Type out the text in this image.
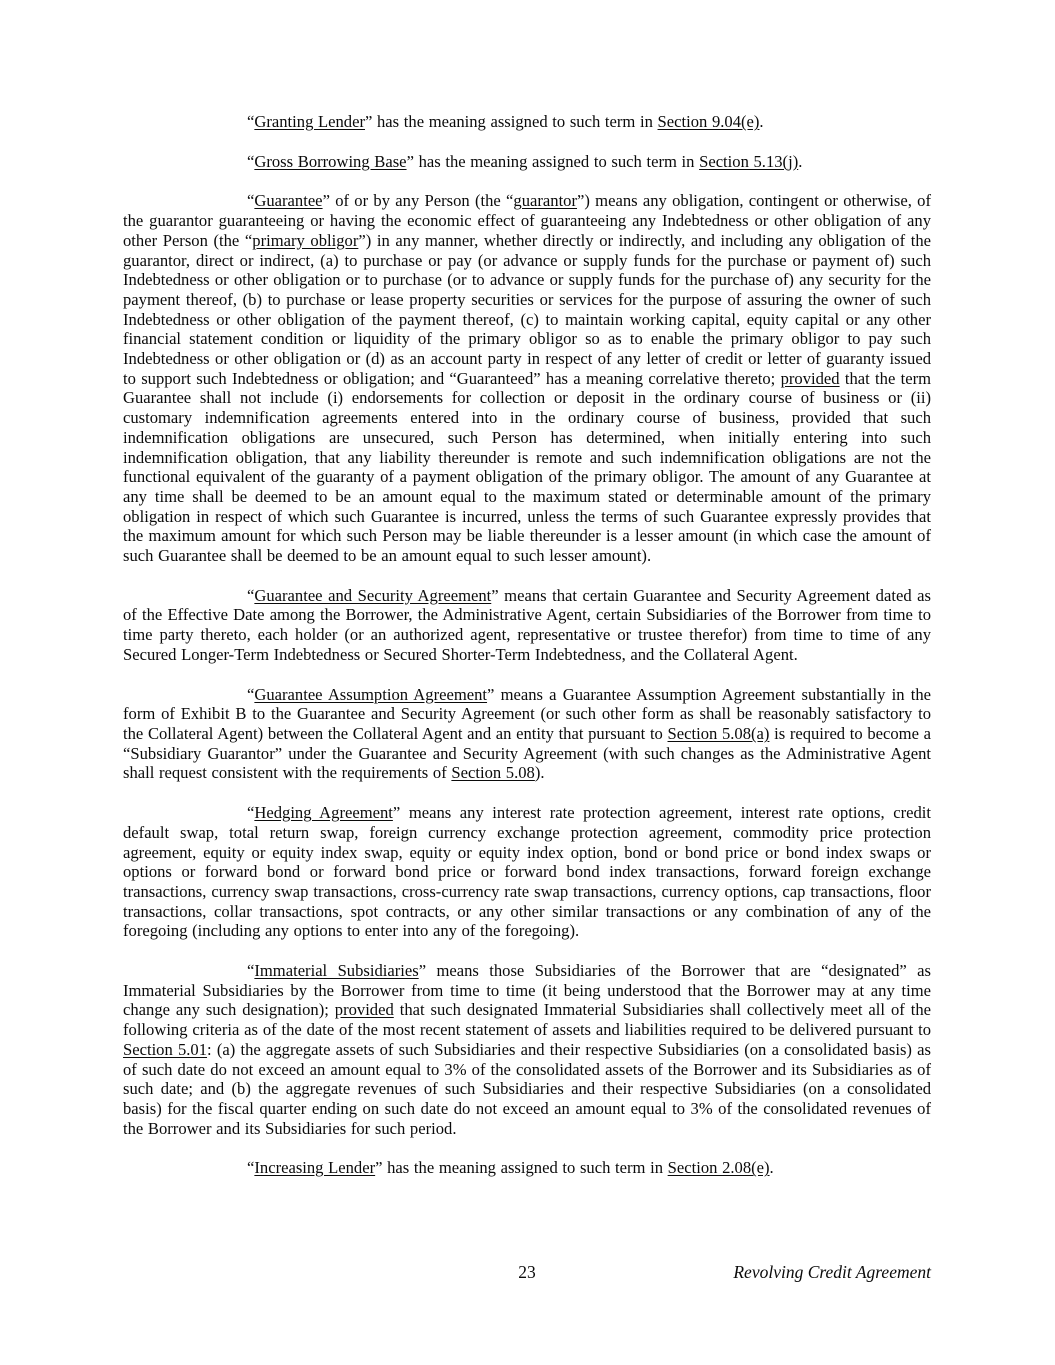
“Granting Lender” has the meaning assigned to such term in Section 9.04(e).

“Gross Borrowing Base” has the meaning assigned to such term in Section 5.13(j).

“Guarantee” of or by any Person (the “guarantor”) means any obligation, contingent or otherwise, of the guarantor guaranteeing or having the economic effect of guaranteeing any Indebtedness or other obligation of any other Person (the “primary obligor”) in any manner, whether directly or indirectly, and including any obligation of the guarantor, direct or indirect, (a) to purchase or pay (or advance or supply funds for the purchase or payment of) such Indebtedness or other obligation or to purchase (or to advance or supply funds for the purchase of) any security for the payment thereof, (b) to purchase or lease property securities or services for the purpose of assuring the owner of such Indebtedness or other obligation of the payment thereof, (c) to maintain working capital, equity capital or any other financial statement condition or liquidity of the primary obligor so as to enable the primary obligor to pay such Indebtedness or other obligation or (d) as an account party in respect of any letter of credit or letter of guaranty issued to support such Indebtedness or obligation; and “Guaranteed” has a meaning correlative thereto; provided that the term Guarantee shall not include (i) endorsements for collection or deposit in the ordinary course of business or (ii) customary indemnification agreements entered into in the ordinary course of business, provided that such indemnification obligations are unsecured, such Person has determined, when initially entering into such indemnification obligation, that any liability thereunder is remote and such indemnification obligations are not the functional equivalent of the guaranty of a payment obligation of the primary obligor. The amount of any Guarantee at any time shall be deemed to be an amount equal to the maximum stated or determinable amount of the primary obligation in respect of which such Guarantee is incurred, unless the terms of such Guarantee expressly provides that the maximum amount for which such Person may be liable thereunder is a lesser amount (in which case the amount of such Guarantee shall be deemed to be an amount equal to such lesser amount).

“Guarantee and Security Agreement” means that certain Guarantee and Security Agreement dated as of the Effective Date among the Borrower, the Administrative Agent, certain Subsidiaries of the Borrower from time to time party thereto, each holder (or an authorized agent, representative or trustee therefor) from time to time of any Secured Longer-Term Indebtedness or Secured Shorter-Term Indebtedness, and the Collateral Agent.

“Guarantee Assumption Agreement” means a Guarantee Assumption Agreement substantially in the form of Exhibit B to the Guarantee and Security Agreement (or such other form as shall be reasonably satisfactory to the Collateral Agent) between the Collateral Agent and an entity that pursuant to Section 5.08(a) is required to become a “Subsidiary Guarantor” under the Guarantee and Security Agreement (with such changes as the Administrative Agent shall request consistent with the requirements of Section 5.08).

“Hedging Agreement” means any interest rate protection agreement, interest rate options, credit default swap, total return swap, foreign currency exchange protection agreement, commodity price protection agreement, equity or equity index swap, equity or equity index option, bond or bond price or bond index swaps or options or forward bond or forward bond price or forward bond index transactions, forward foreign exchange transactions, currency swap transactions, cross-currency rate swap transactions, currency options, cap transactions, floor transactions, collar transactions, spot contracts, or any other similar transactions or any combination of any of the foregoing (including any options to enter into any of the foregoing).

“Immaterial Subsidiaries” means those Subsidiaries of the Borrower that are “designated” as Immaterial Subsidiaries by the Borrower from time to time (it being understood that the Borrower may at any time change any such designation); provided that such designated Immaterial Subsidiaries shall collectively meet all of the following criteria as of the date of the most recent statement of assets and liabilities required to be delivered pursuant to Section 5.01: (a) the aggregate assets of such Subsidiaries and their respective Subsidiaries (on a consolidated basis) as of such date do not exceed an amount equal to 3% of the consolidated assets of the Borrower and its Subsidiaries as of such date; and (b) the aggregate revenues of such Subsidiaries and their respective Subsidiaries (on a consolidated basis) for the fiscal quarter ending on such date do not exceed an amount equal to 3% of the consolidated revenues of the Borrower and its Subsidiaries for such period.

“Increasing Lender” has the meaning assigned to such term in Section 2.08(e).

23	Revolving Credit Agreement
